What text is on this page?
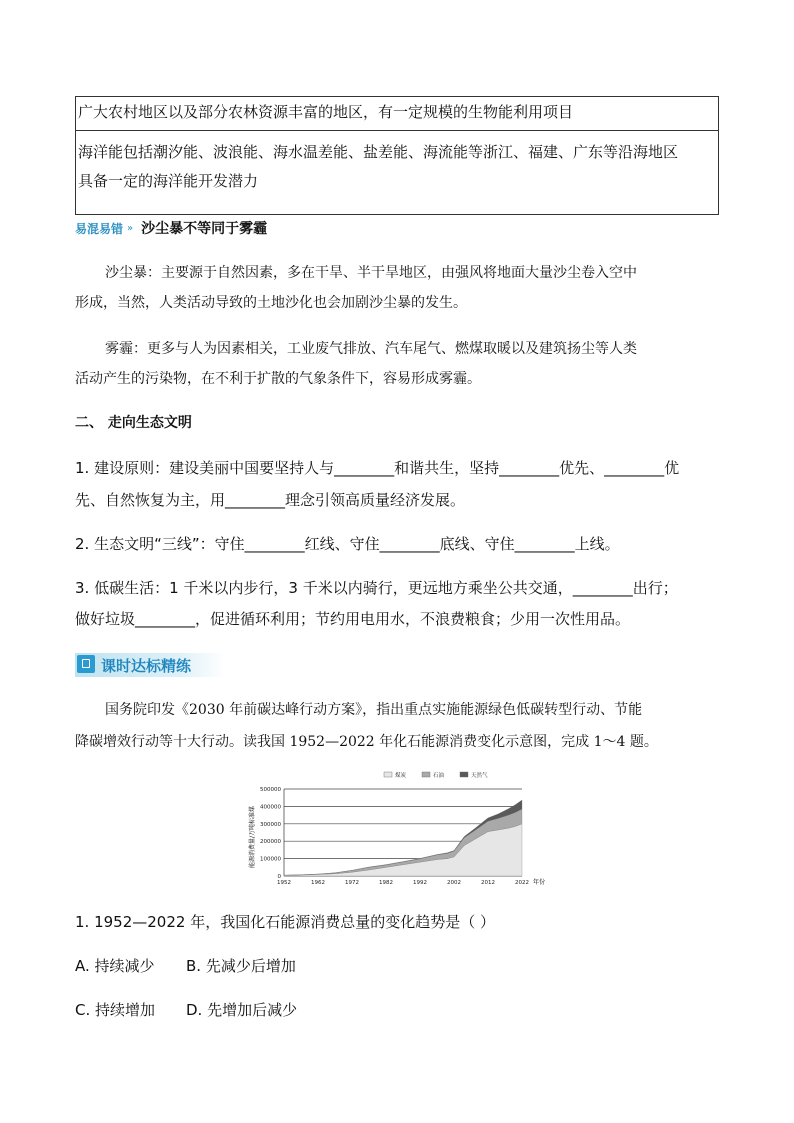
广大农村地区以及部分农林资源丰富的地区，有一定规模的生物能利用项目
海洋能包括潮汐能、波浪能、海水温差能、盐差能、海流能等浙江、福建、广东等沿海地区
具备一定的海洋能开发潜力
易混易错 » 沙尘暴不等同于雾霾
沙尘暴：主要源于自然因素，多在干旱、半干旱地区，由强风将地面大量沙尘卷入空中
形成，当然，人类活动导致的土地沙化也会加剧沙尘暴的发生。
雾霾：更多与人为因素相关，工业废气排放、汽车尾气、燃煤取暖以及建筑扬尘等人类
活动产生的污染物，在不利于扩散的气象条件下，容易形成雾霾。
二、 走向生态文明
1. 建设原则：建设美丽中国要坚持人与________和谐共生，坚持________优先、________优
先、自然恢复为主，用________理念引领高质量经济发展。
2. 生态文明“三线”：守住________红线、守住________底线、守住________上线。
3. 低碳生活：1 千米以内步行，3 千米以内骑行，更远地方乘坐公共交通，________出行；
做好垃圾________，促进循环利用；节约用电用水，不浪费粮食；少用一次性用品。
课时达标精练
国务院印发《2030 年前碳达峰行动方案》，指出重点实施能源绿色低碳转型行动、节能
降碳增效行动等十大行动。读我国 1952—2022 年化石能源消费变化示意图，完成 1～4 题。
煤炭	石油	天然气
0
100000
200000
300000
400000
500000
1952	1962	1972	1982	1992	2002	2012	2022
能源消费量/万吨标准煤
年份
1. 1952—2022 年，我国化石能源消费总量的变化趋势是（ ）
A. 持续减少 B. 先减少后增加
C. 持续增加 D. 先增加后减少
